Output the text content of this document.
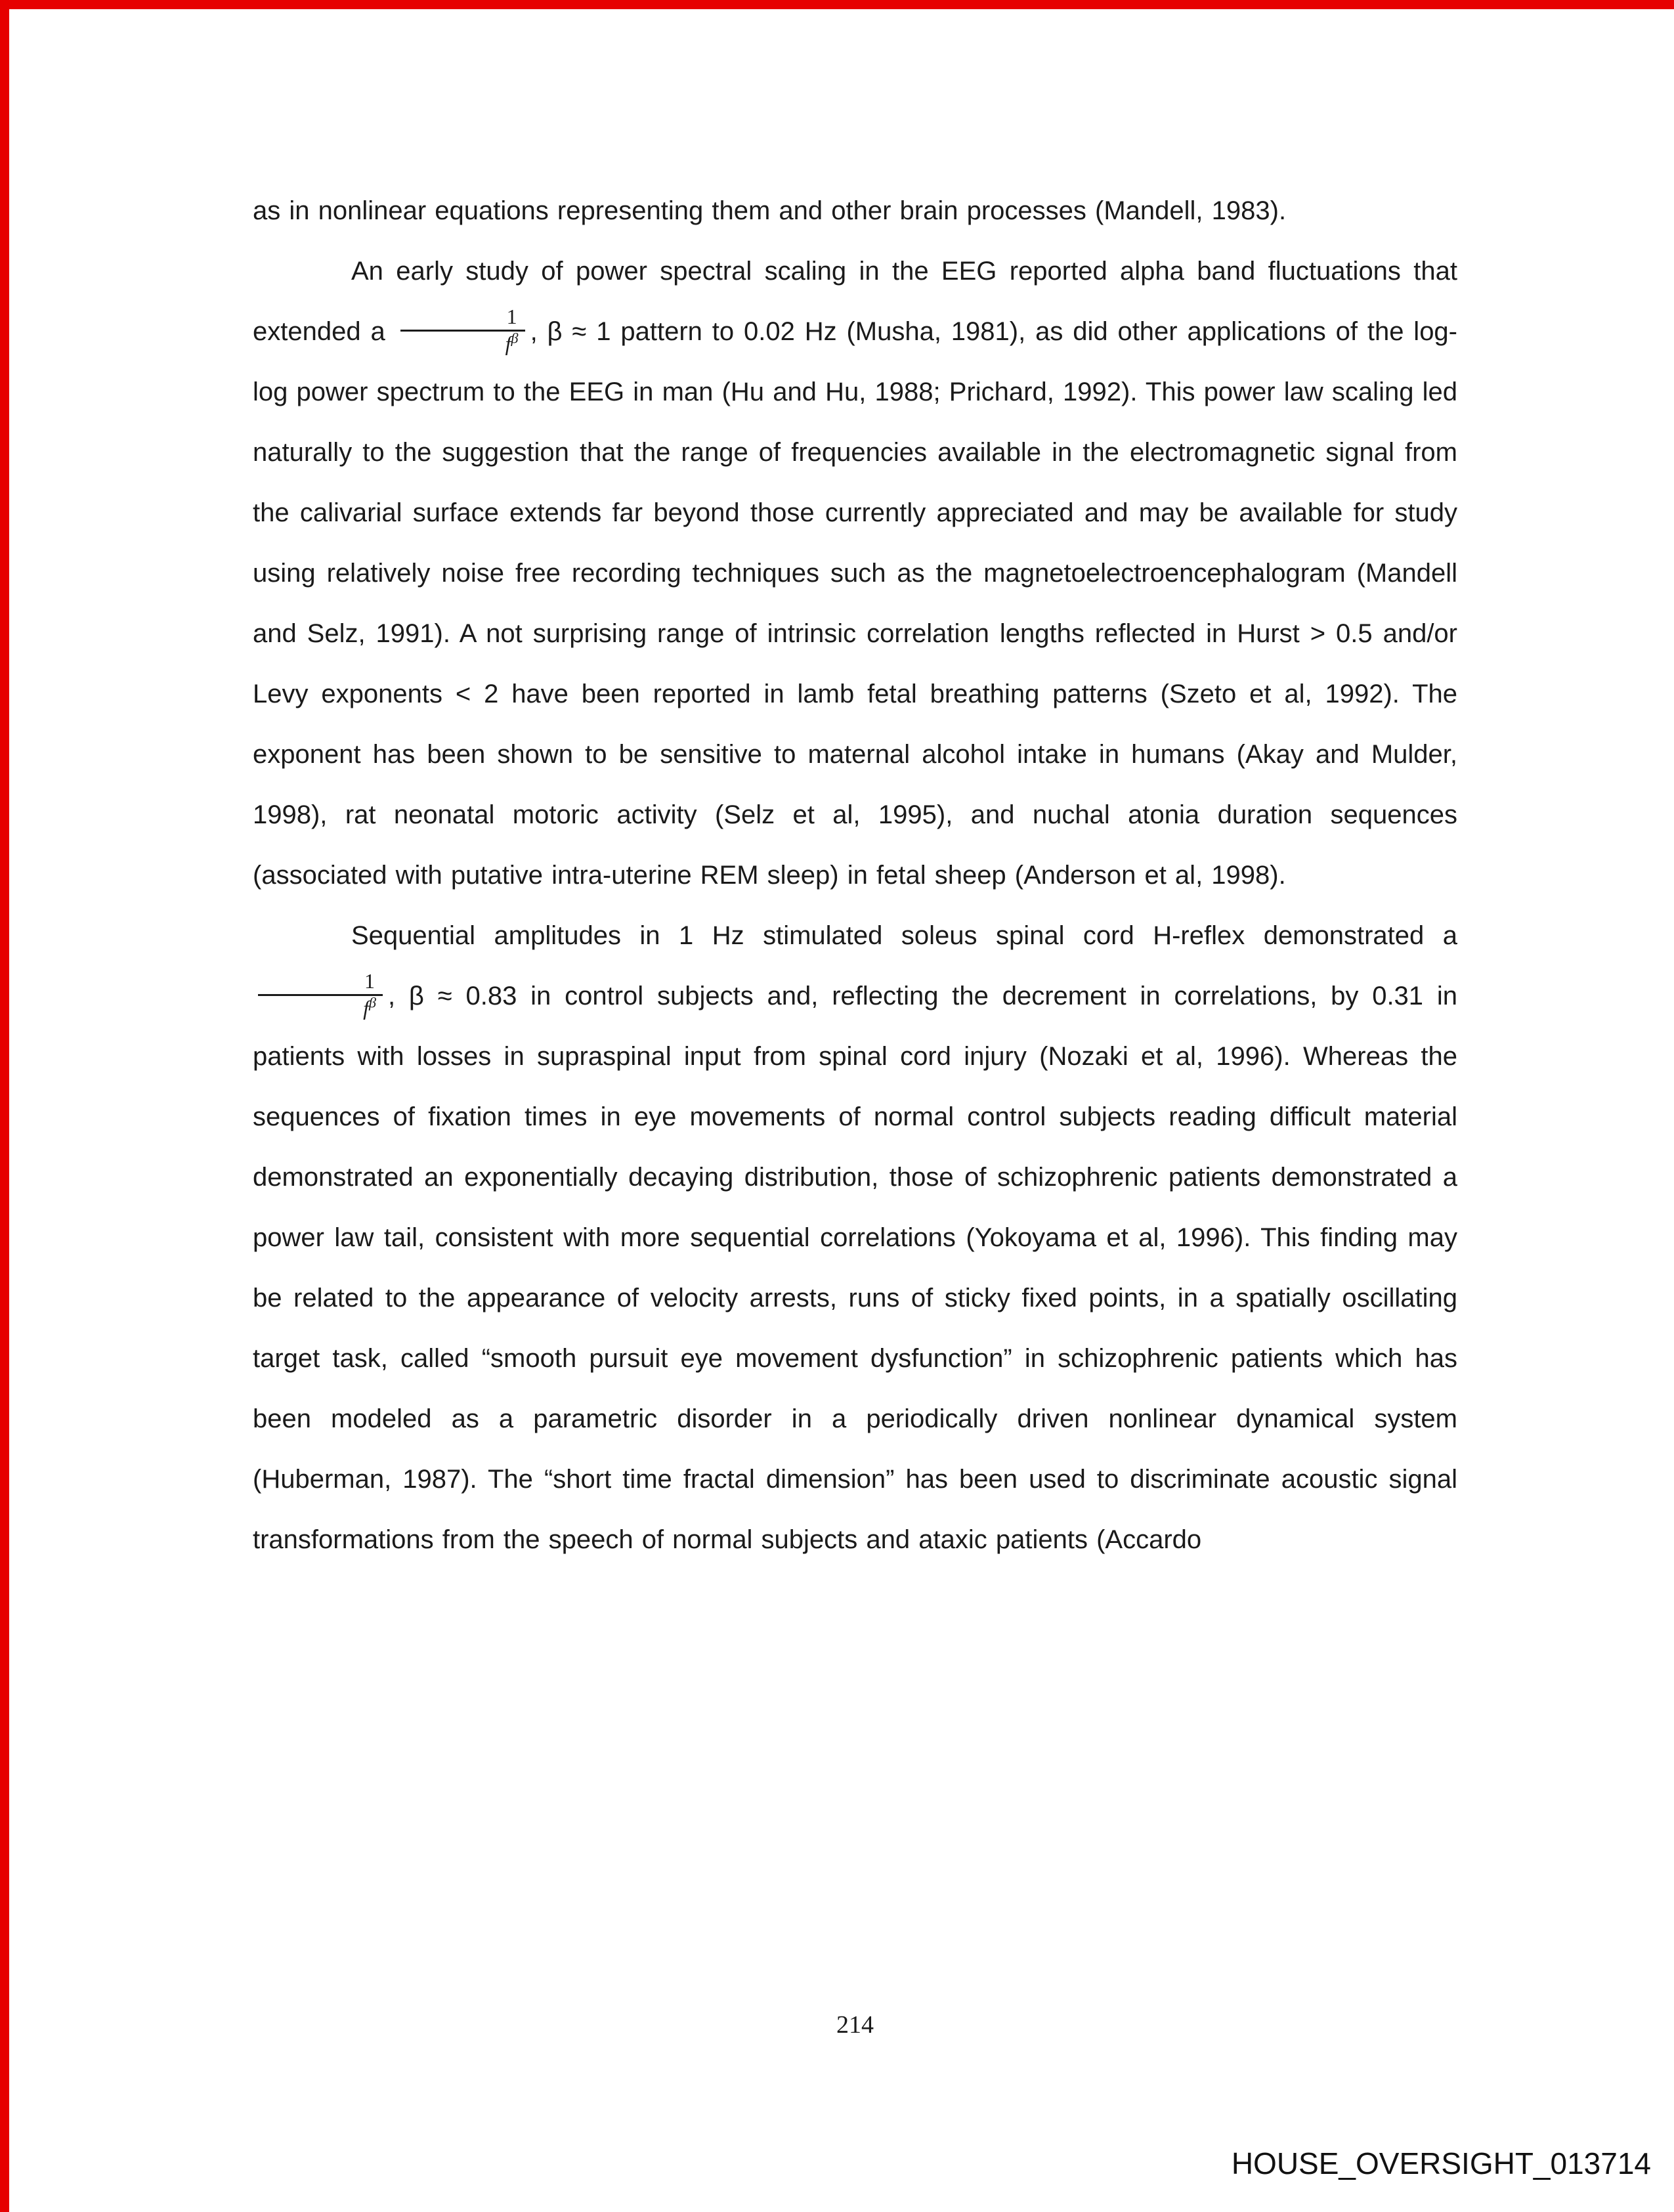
as in nonlinear equations representing them and other brain processes (Mandell, 1983).

An early study of power spectral scaling in the EEG reported alpha band fluctuations that extended a $\frac{1}{f^\beta}$ , β ≈ 1 pattern to 0.02 Hz (Musha, 1981), as did other applications of the log-log power spectrum to the EEG in man (Hu and Hu, 1988; Prichard, 1992). This power law scaling led naturally to the suggestion that the range of frequencies available in the electromagnetic signal from the calivarial surface extends far beyond those currently appreciated and may be available for study using relatively noise free recording techniques such as the magnetoelectroencephalogram (Mandell and Selz, 1991). A not surprising range of intrinsic correlation lengths reflected in Hurst > 0.5 and/or Levy exponents < 2 have been reported in lamb fetal breathing patterns (Szeto et al, 1992). The exponent has been shown to be sensitive to maternal alcohol intake in humans (Akay and Mulder, 1998), rat neonatal motoric activity (Selz et al, 1995), and nuchal atonia duration sequences (associated with putative intra-uterine REM sleep) in fetal sheep (Anderson et al, 1998).

Sequential amplitudes in 1 Hz stimulated soleus spinal cord H-reflex demonstrated a
$\frac{1}{f^\beta}$ , β ≈ 0.83 in control subjects and, reflecting the decrement in correlations, by 0.31 in patients with losses in supraspinal input from spinal cord injury (Nozaki et al, 1996). Whereas the sequences of fixation times in eye movements of normal control subjects reading difficult material demonstrated an exponentially decaying distribution, those of schizophrenic patients demonstrated a power law tail, consistent with more sequential correlations (Yokoyama et al, 1996). This finding may be related to the appearance of velocity arrests, runs of sticky fixed points, in a spatially oscillating target task, called “smooth pursuit eye movement dysfunction” in schizophrenic patients which has been modeled as a parametric disorder in a periodically driven nonlinear dynamical system (Huberman, 1987). The “short time fractal dimension” has been used to discriminate acoustic signal transformations from the speech of normal subjects and ataxic patients (Accardo

214
HOUSE_OVERSIGHT_013714
